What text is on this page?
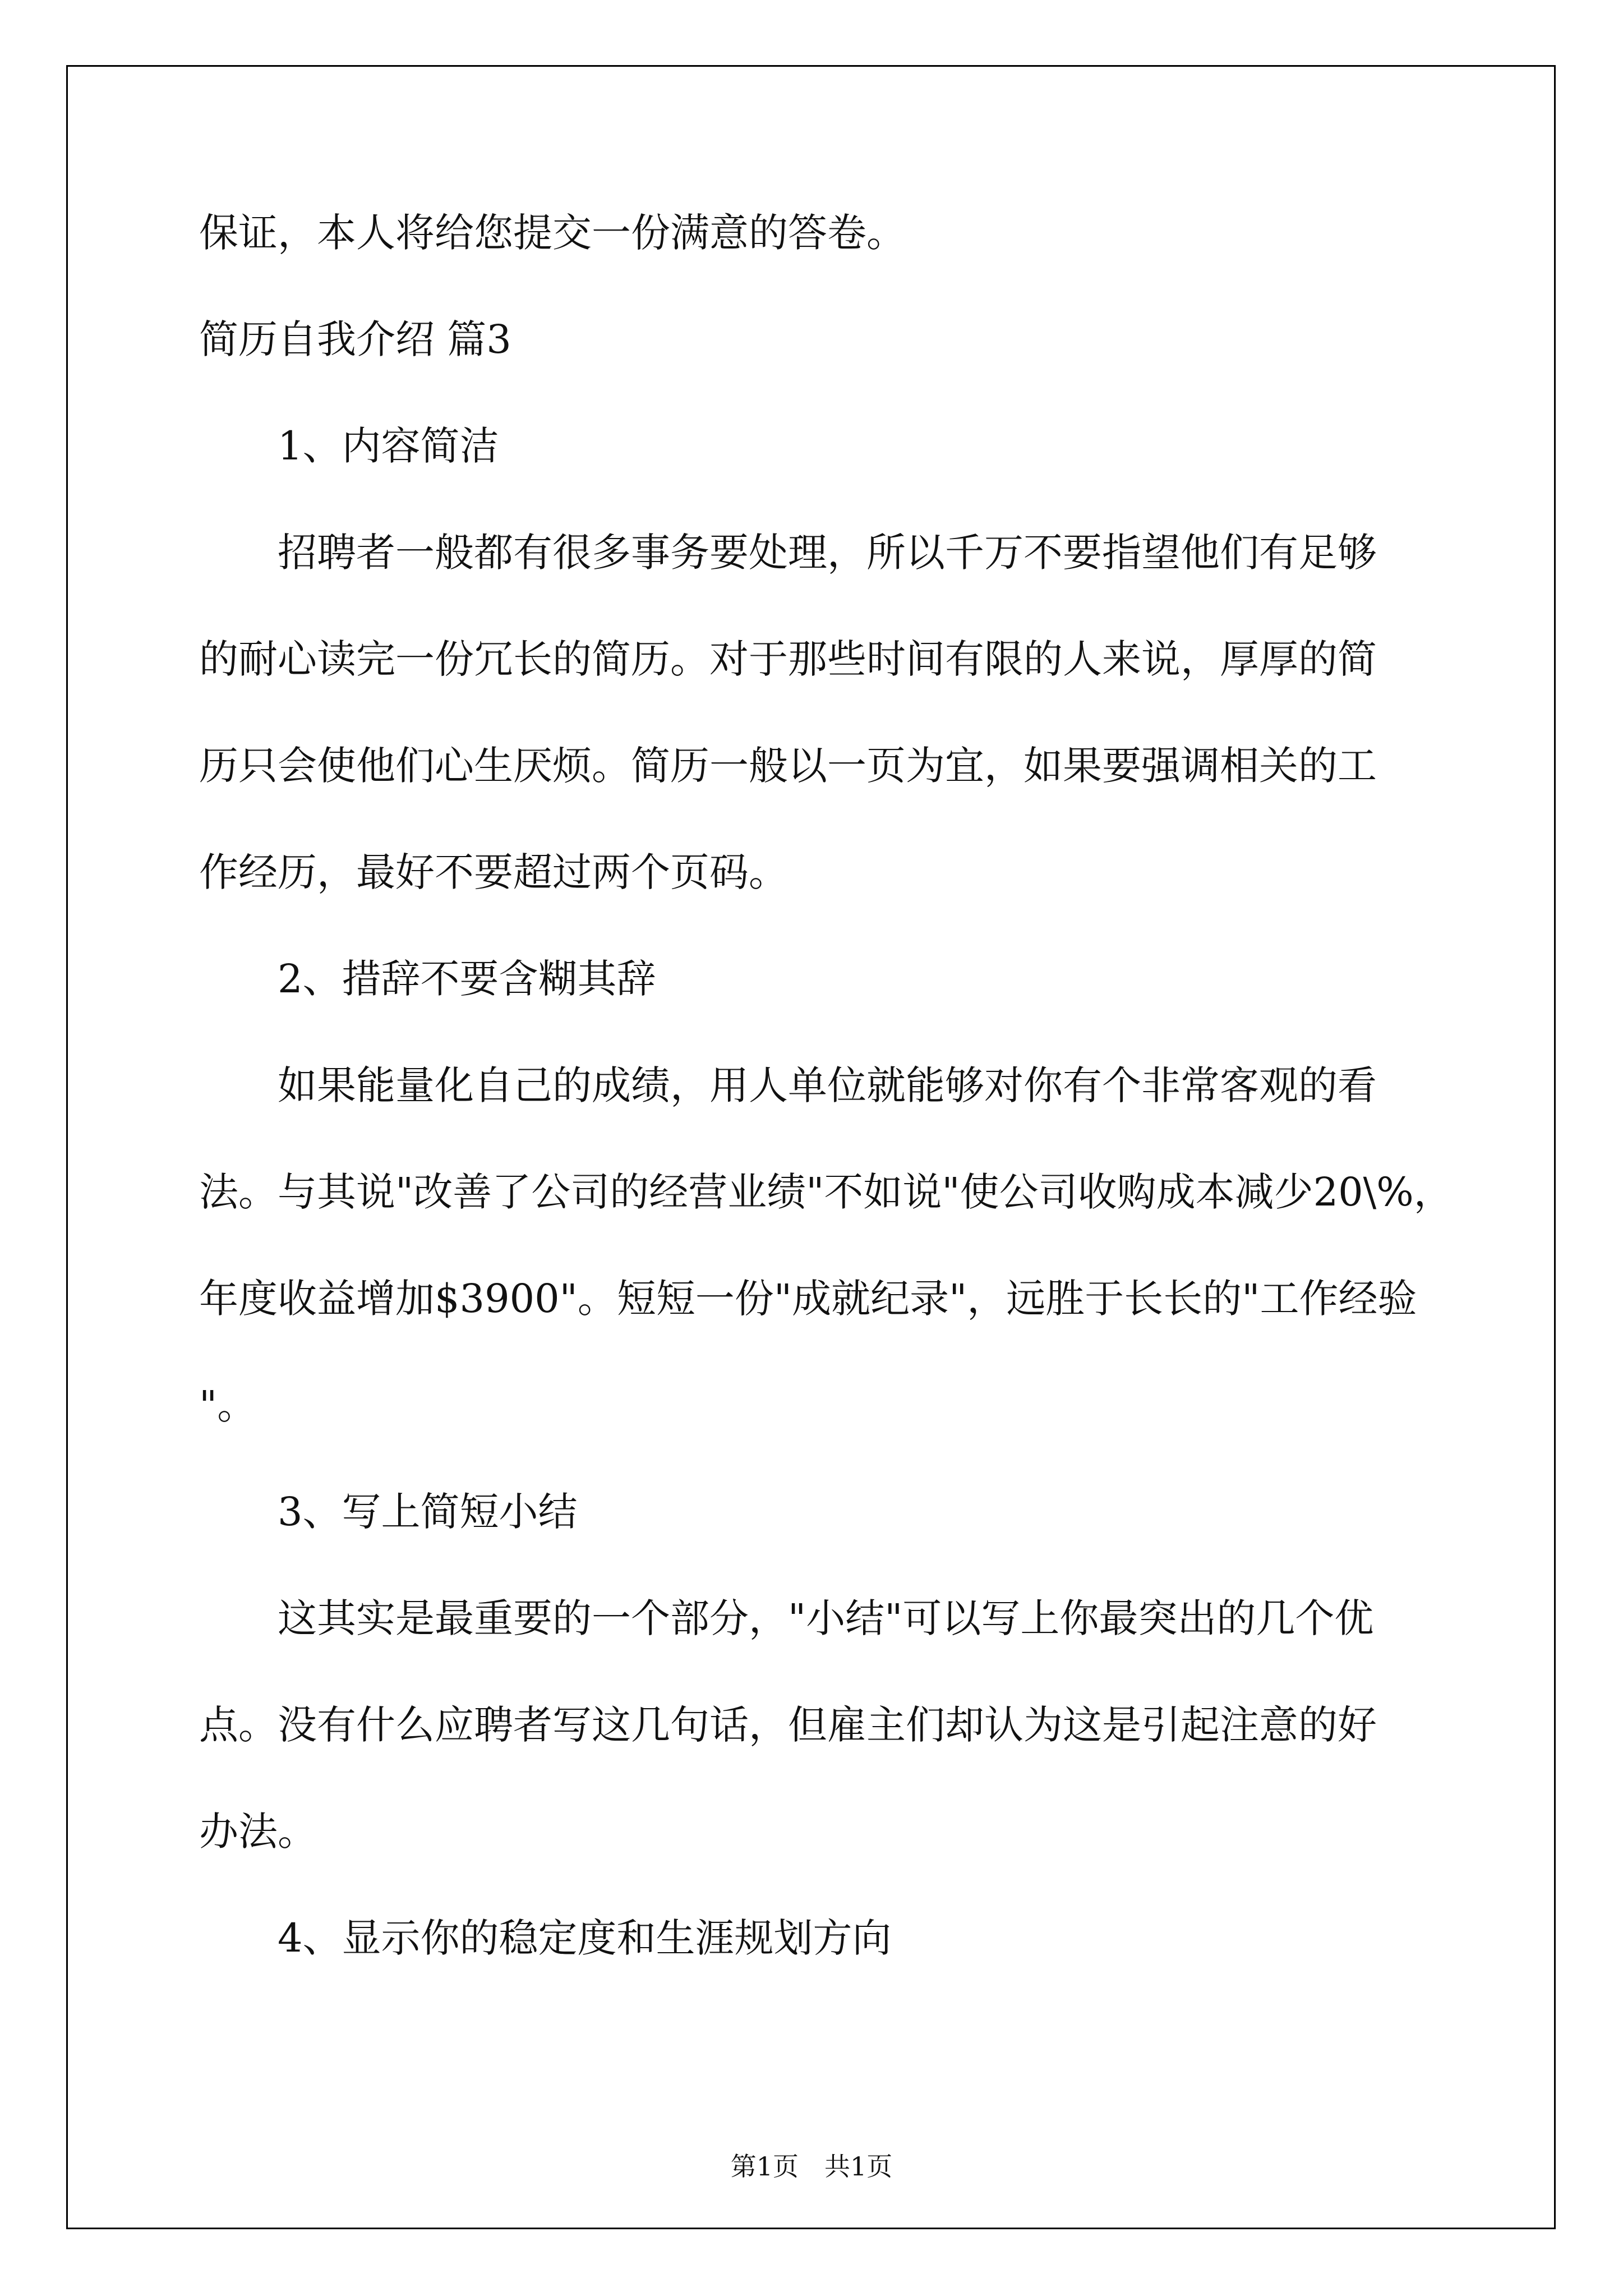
保证，本人将给您提交一份满意的答卷。
简历自我介绍 篇3
1、内容简洁
招聘者一般都有很多事务要处理，所以千万不要指望他们有足够
的耐心读完一份冗长的简历。对于那些时间有限的人来说，厚厚的简
历只会使他们心生厌烦。简历一般以一页为宜，如果要强调相关的工
作经历，最好不要超过两个页码。
2、措辞不要含糊其辞
如果能量化自己的成绩，用人单位就能够对你有个非常客观的看
法。与其说"改善了公司的经营业绩"不如说"使公司收购成本减少20\%，
年度收益增加$3900"。短短一份"成就纪录"，远胜于长长的"工作经验
"。
3、写上简短小结
这其实是最重要的一个部分，"小结"可以写上你最突出的几个优
点。没有什么应聘者写这几句话，但雇主们却认为这是引起注意的好
办法。
4、显示你的稳定度和生涯规划方向
第1页　共1页
